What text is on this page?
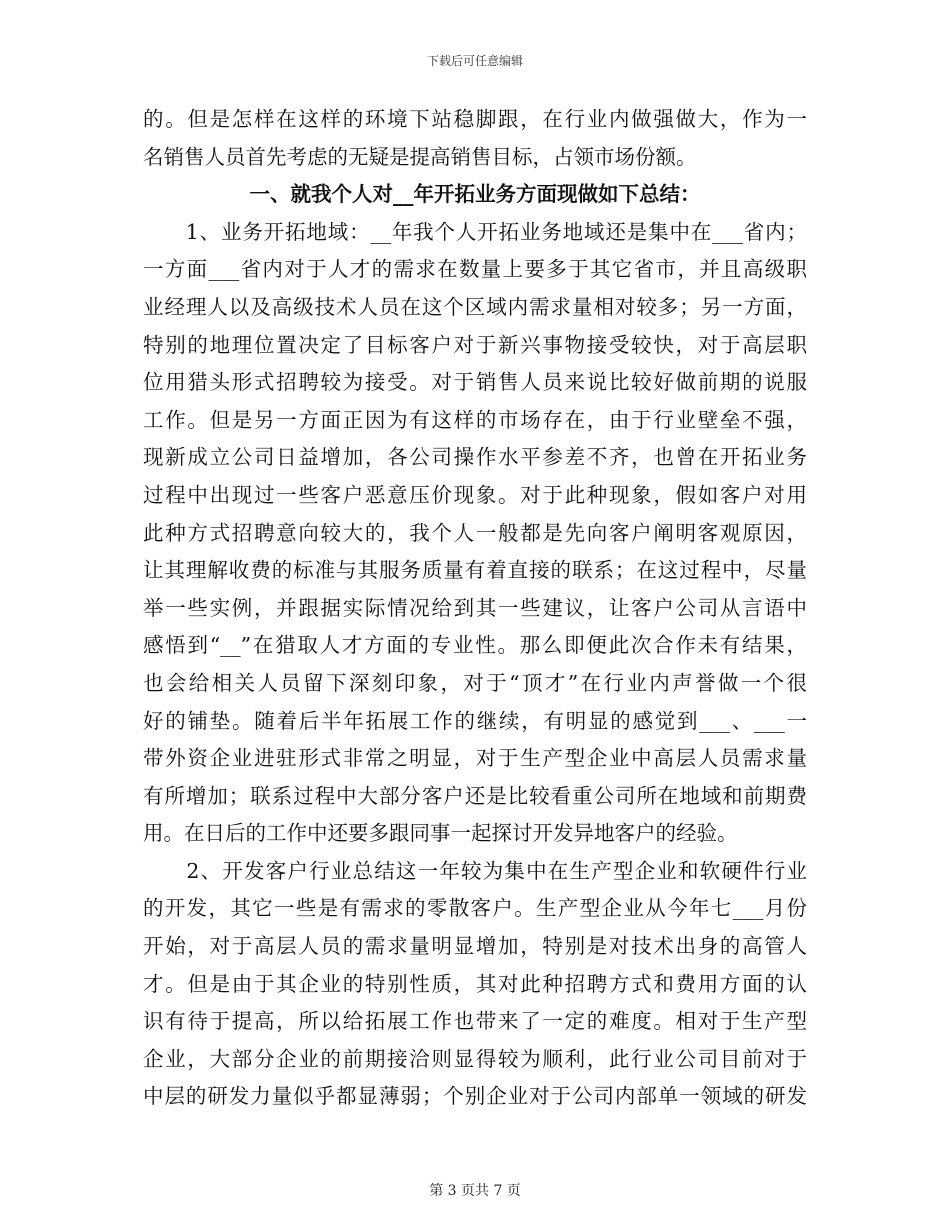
下载后可任意编辑
的。但是怎样在这样的环境下站稳脚跟，在行业内做强做大，作为一
名销售人员首先考虑的无疑是提高销售目标，占领市场份额。
一、就我个人对__年开拓业务方面现做如下总结：
　　1、业务开拓地域：__年我个人开拓业务地域还是集中在___省内；
一方面___省内对于人才的需求在数量上要多于其它省市，并且高级职
业经理人以及高级技术人员在这个区域内需求量相对较多；另一方面，
特别的地理位置决定了目标客户对于新兴事物接受较快，对于高层职
位用猎头形式招聘较为接受。对于销售人员来说比较好做前期的说服
工作。但是另一方面正因为有这样的市场存在，由于行业壁垒不强，
现新成立公司日益增加，各公司操作水平参差不齐，也曾在开拓业务
过程中出现过一些客户恶意压价现象。对于此种现象，假如客户对用
此种方式招聘意向较大的，我个人一般都是先向客户阐明客观原因，
让其理解收费的标准与其服务质量有着直接的联系；在这过程中，尽量
举一些实例，并跟据实际情况给到其一些建议，让客户公司从言语中
感悟到“__”在猎取人才方面的专业性。那么即便此次合作未有结果，
也会给相关人员留下深刻印象，对于“顶才”在行业内声誉做一个很
好的铺垫。随着后半年拓展工作的继续，有明显的感觉到___、___一
带外资企业进驻形式非常之明显，对于生产型企业中高层人员需求量
有所增加；联系过程中大部分客户还是比较看重公司所在地域和前期费
用。在日后的工作中还要多跟同事一起探讨开发异地客户的经验。
　　2、开发客户行业总结这一年较为集中在生产型企业和软硬件行业
的开发，其它一些是有需求的零散客户。生产型企业从今年七___月份
开始，对于高层人员的需求量明显增加，特别是对技术出身的高管人
才。但是由于其企业的特别性质，其对此种招聘方式和费用方面的认
识有待于提高，所以给拓展工作也带来了一定的难度。相对于生产型
企业，大部分企业的前期接洽则显得较为顺利，此行业公司目前对于
中层的研发力量似乎都显薄弱；个别企业对于公司内部单一领域的研发
第 3 页共 7 页
